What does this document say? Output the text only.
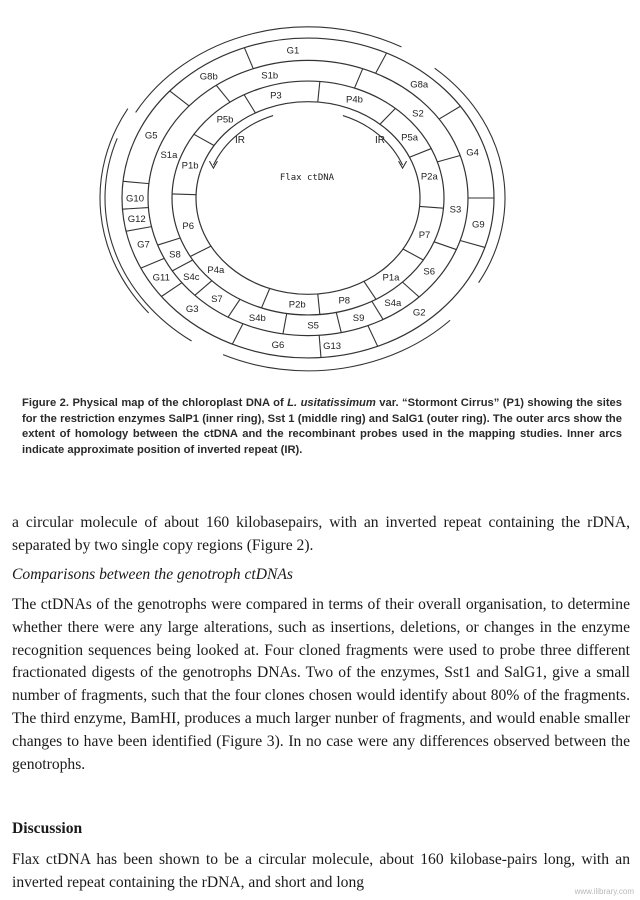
P3	P4b
P5a
P2a
P7
P1a
P8
P2b
P4a
P6
P1b
P5b
S1b
S2
S3
S6
S4a
S9
S5
S4b
S7
S4c
S8
S1a
G1
G8a
G4
G9
G2
G13
G6
G3
G11
G7
G12
G10
G5
G8b
Flax ctDNA
IR	IR
Figure 2. Physical map of the chloroplast DNA of L. usitatissimum var. “Stormont Cirrus” (P1) showing the sites for the restriction enzymes SalP1 (inner ring), Sst 1 (middle ring) and SalG1 (outer ring). The outer arcs show the extent of homology between the ctDNA and the recombinant probes used in the mapping studies. Inner arcs indicate approximate position of inverted repeat (IR).
a circular molecule of about 160 kilobasepairs, with an inverted repeat containing the rDNA, separated by two single copy regions (Figure 2).
Comparisons between the genotroph ctDNAs
The ctDNAs of the genotrophs were compared in terms of their overall organisation, to determine whether there were any large alterations, such as insertions, deletions, or changes in the enzyme recognition sequences being looked at. Four cloned fragments were used to probe three different fractionated digests of the genotrophs DNAs. Two of the enzymes, Sst1 and SalG1, give a small number of fragments, such that the four clones chosen would identify about 80% of the fragments. The third enzyme, BamHI, produces a much larger nunber of fragments, and would enable smaller changes to have been identified (Figure 3). In no case were any differences observed between the genotrophs.
Discussion
Flax ctDNA has been shown to be a circular molecule, about 160 kilobase-pairs long, with an inverted repeat containing the rDNA, and short and long
www.ilibrary.com
